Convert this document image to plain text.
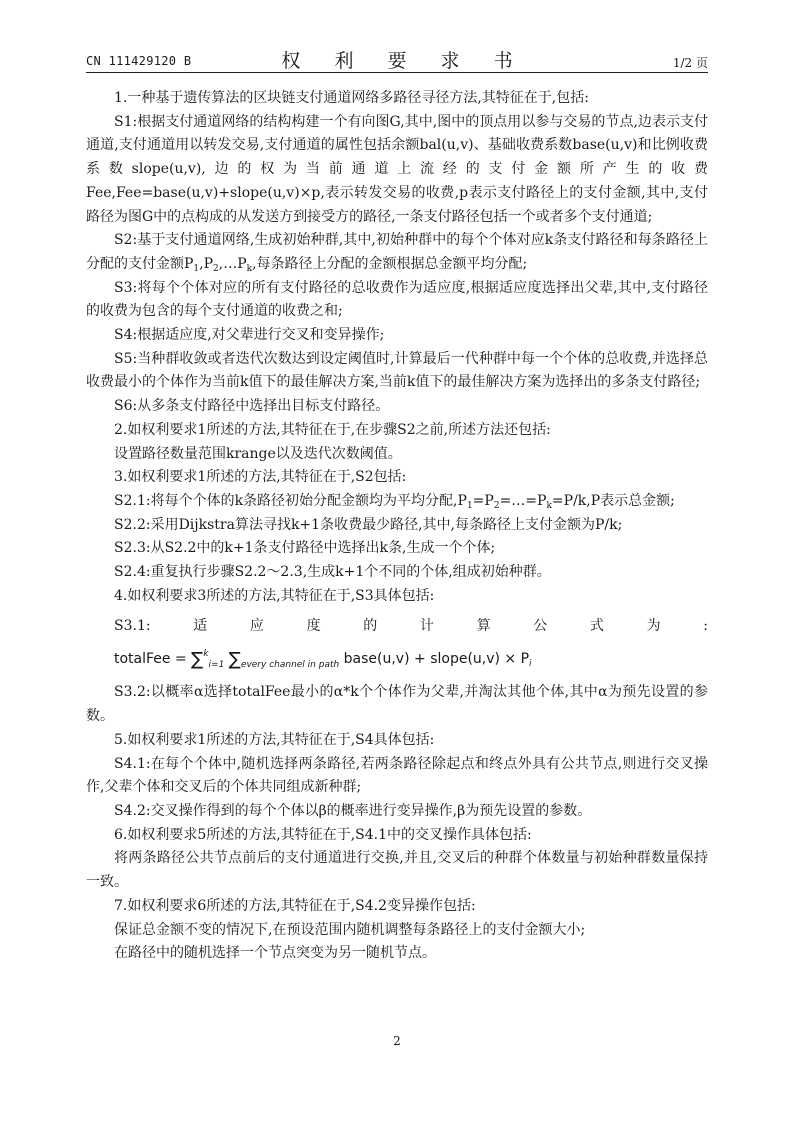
CN 111429120 B	权 利 要 求 书	1/2 页

1.一种基于遗传算法的区块链支付通道网络多路径寻径方法,其特征在于,包括:

S1:根据支付通道网络的结构构建一个有向图G,其中,图中的顶点用以参与交易的节点,边表示支付通道,支付通道用以转发交易,支付通道的属性包括余额bal(u,v)、基础收费系数base(u,v)和比例收费系数slope(u,v),边的权为当前通道上流经的支付金额所产生的收费Fee,Fee=base(u,v)+slope(u,v)×p,表示转发交易的收费,p表示支付路径上的支付金额,其中,支付路径为图G中的点构成的从发送方到接受方的路径,一条支付路径包括一个或者多个支付通道;

S2:基于支付通道网络,生成初始种群,其中,初始种群中的每个个体对应k条支付路径和每条路径上分配的支付金额$P_1,P_2,\dots P_k$,每条路径上分配的金额根据总金额平均分配;

S3:将每个个体对应的所有支付路径的总收费作为适应度,根据适应度选择出父辈,其中,支付路径的收费为包含的每个支付通道的收费之和;

S4:根据适应度,对父辈进行交叉和变异操作;

S5:当种群收敛或者迭代次数达到设定阈值时,计算最后一代种群中每一个个体的总收费,并选择总收费最小的个体作为当前k值下的最佳解决方案,当前k值下的最佳解决方案为选择出的多条支付路径;

S6:从多条支付路径中选择出目标支付路径。

2.如权利要求1所述的方法,其特征在于,在步骤S2之前,所述方法还包括:

设置路径数量范围krange以及迭代次数阈值。

3.如权利要求1所述的方法,其特征在于,S2包括:

S2.1:将每个个体的k条路径初始分配金额均为平均分配$,P_1=P_2=\dots=P_k=P/k,P$表示总金额;

S2.2:采用Dijkstra算法寻找k+1条收费最少路径,其中,每条路径上支付金额为P/k;

S2.3:从S2.2中的k+1条支付路径中选择出k条,生成一个个体;

S2.4:重复执行步骤S2.2～2.3,生成k+1个不同的个体,组成初始种群。

4.如权利要求3所述的方法,其特征在于,S3具体包括:

S3.1:适应度的计算公式为:totalFee = ∑ki=1 $\sum_{every channel in path}$ base(u,v) + slope(u,v) × $P_i$

S3.2:以概率α选择totalFee最小的α*k个个体作为父辈,并淘汰其他个体,其中α为预先设置的参数。

5.如权利要求1所述的方法,其特征在于,S4具体包括:

S4.1:在每个个体中,随机选择两条路径,若两条路径除起点和终点外具有公共节点,则进行交叉操作,父辈个体和交叉后的个体共同组成新种群;

S4.2:交叉操作得到的每个个体以β的概率进行变异操作,β为预先设置的参数。

6.如权利要求5所述的方法,其特征在于,S4.1中的交叉操作具体包括:

将两条路径公共节点前后的支付通道进行交换,并且,交叉后的种群个体数量与初始种群数量保持一致。

7.如权利要求6所述的方法,其特征在于,S4.2变异操作包括:

保证总金额不变的情况下,在预设范围内随机调整每条路径上的支付金额大小;

在路径中的随机选择一个节点突变为另一随机节点。

2
